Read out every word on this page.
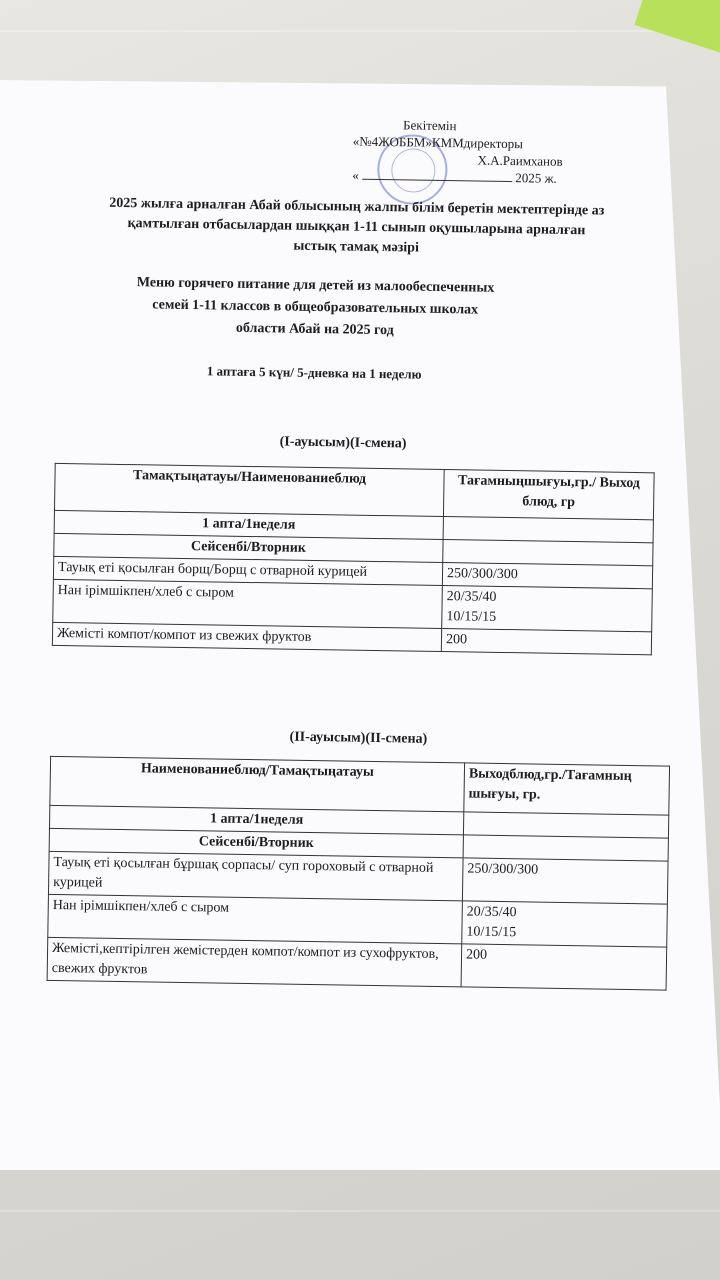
Бекітемін
«№4ЖОББМ»КММдиректоры
Х.А.Раимханов
«	2025 ж.
2025 жылға арналған Абай облысының жалпы білім беретін мектептерінде аз
қамтылған отбасылардан шыққан 1-11 сынып оқушыларына арналған
ыстық тамақ мәзірі
Меню горячего питание для детей из малообеспеченных
семей 1-11 классов в общеобразовательных школах
области Абай на 2025 год
1 аптаға 5 күн/ 5-дневка на 1 неделю
(І-ауысым)(І-смена)
Тамақтыңатауы/Наименованиеблюд	Тағамныңшығуы,гр./ Выход блюд, гр
1 апта/1неделя	
Сейсенбі/Вторник	
Тауық еті қосылған борщ/Борщ с отварной курицей	250/300/300
Нан ірімшікпен/хлеб с сыром	20/35/40
10/15/15

Жемісті компот/компот из свежих фруктов	200
(ІІ-ауысым)(ІІ-смена)
Наименованиеблюд/Тамақтыңатауы	Выходблюд,гр./Тағамның шығуы, гр.
1 апта/1неделя	
Сейсенбі/Вторник	
Тауық еті қосылған бұршақ сорпасы/ суп гороховый с отварной курицей	250/300/300
Нан ірімшікпен/хлеб с сыром	20/35/40
10/15/15

Жемісті,кептірілген жемістерден компот/компот из сухофруктов, свежих фруктов	200
